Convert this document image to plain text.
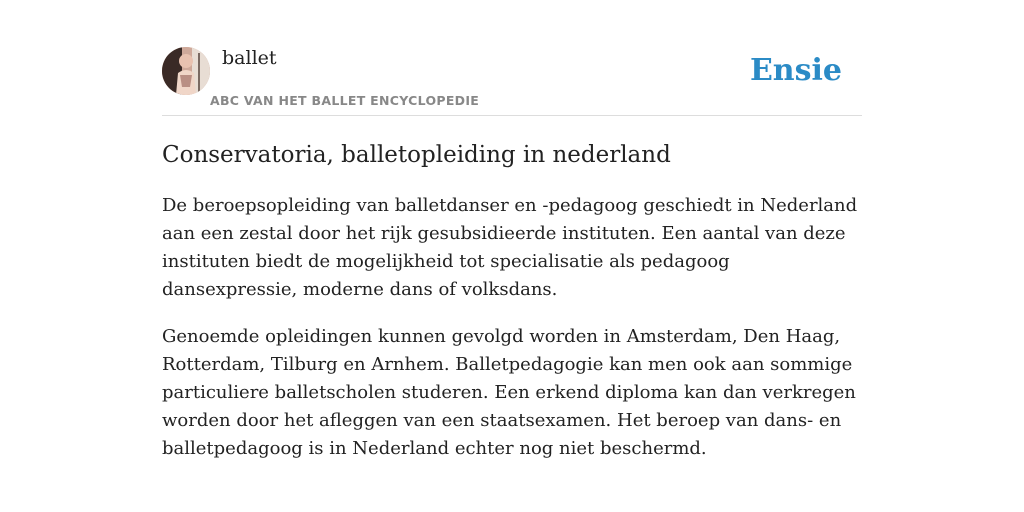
ballet
ABC VAN HET BALLET ENCYCLOPEDIE
Ensie
Conservatoria, balletopleiding in nederland

De beroepsopleiding van balletdanser en -pedagoog geschiedt in Nederland aan een zestal door het rijk gesubsidieerde instituten. Een aantal van deze instituten biedt de mogelijkheid tot specialisatie als pedagoog dansexpressie, moderne dans of volksdans.

Genoemde opleidingen kunnen gevolgd worden in Amsterdam, Den Haag, Rotterdam, Tilburg en Arnhem. Balletpedagogie kan men ook aan sommige particuliere balletscholen studeren. Een erkend diploma kan dan verkregen worden door het afleggen van een staatsexamen. Het beroep van dans- en balletpedagoog is in Nederland echter nog niet beschermd.
